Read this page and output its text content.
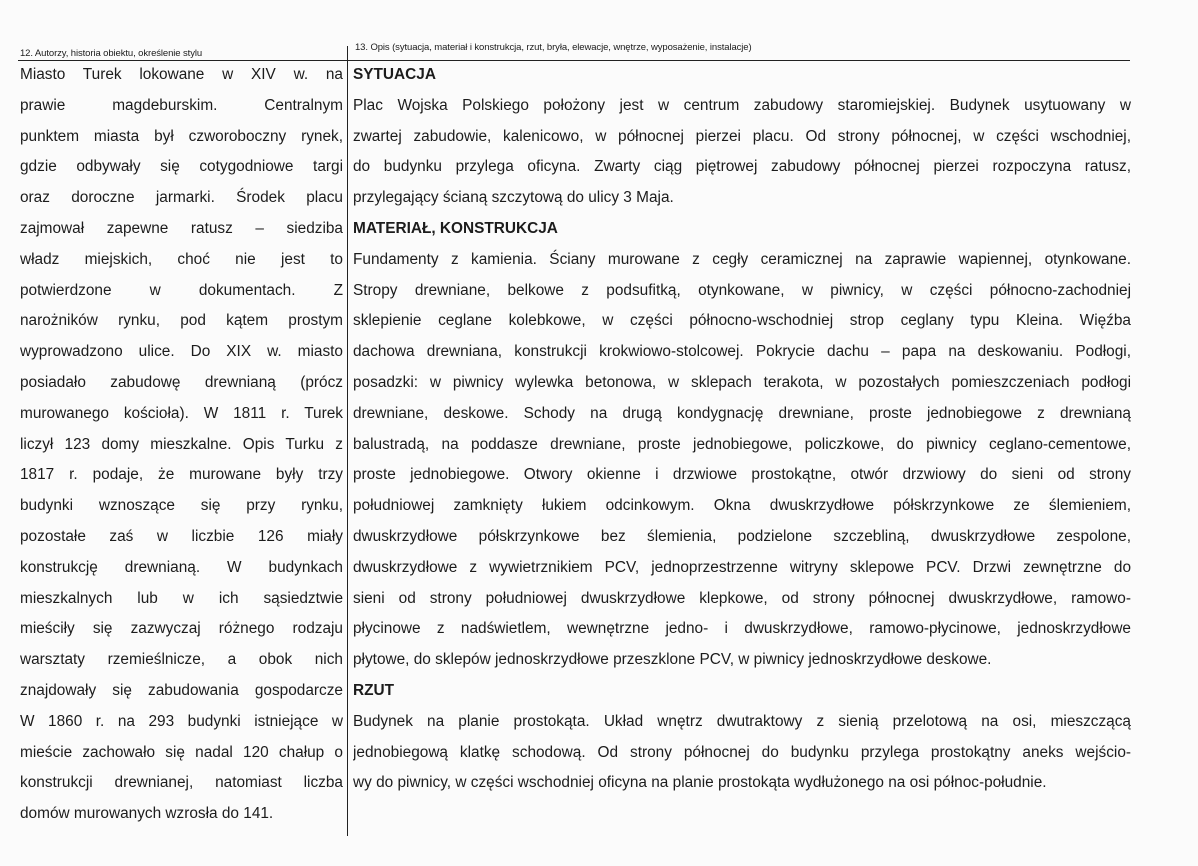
12. Autorzy, historia obiektu, określenie stylu
13. Opis (sytuacja, materiał i konstrukcja, rzut, bryła, elewacje, wnętrze, wyposażenie, instalacje)
Miasto Turek lokowane w XIV w. na
prawie magdeburskim. Centralnym
punktem miasta był czworoboczny rynek,
gdzie odbywały się cotygodniowe targi
oraz doroczne jarmarki. Środek placu
zajmował zapewne ratusz – siedziba
władz miejskich, choć nie jest to
potwierdzone w dokumentach. Z
narożników rynku, pod kątem prostym
wyprowadzono ulice. Do XIX w. miasto
posiadało zabudowę drewnianą (prócz
murowanego kościoła). W 1811 r. Turek
liczył 123 domy mieszkalne. Opis Turku z
1817 r. podaje, że murowane były trzy
budynki wznoszące się przy rynku,
pozostałe zaś w liczbie 126 miały
konstrukcję drewnianą. W budynkach
mieszkalnych lub w ich sąsiedztwie
mieściły się zazwyczaj różnego rodzaju
warsztaty rzemieślnicze, a obok nich
znajdowały się zabudowania gospodarcze
W 1860 r. na 293 budynki istniejące w
mieście zachowało się nadal 120 chałup o
konstrukcji drewnianej, natomiast liczba
domów murowanych wzrosła do 141.
SYTUACJA
Plac Wojska Polskiego położony jest w centrum zabudowy staromiejskiej. Budynek usytuowany w
zwartej zabudowie, kalenicowo, w północnej pierzei placu. Od strony północnej, w części wschodniej,
do budynku przylega oficyna. Zwarty ciąg piętrowej zabudowy północnej pierzei rozpoczyna ratusz,
przylegający ścianą szczytową do ulicy 3 Maja.
MATERIAŁ, KONSTRUKCJA
Fundamenty z kamienia. Ściany murowane z cegły ceramicznej na zaprawie wapiennej, otynkowane.
Stropy drewniane, belkowe z podsufitką, otynkowane, w piwnicy, w części północno-zachodniej
sklepienie ceglane kolebkowe, w części północno-wschodniej strop ceglany typu Kleina. Więźba
dachowa drewniana, konstrukcji krokwiowo-stolcowej. Pokrycie dachu – papa na deskowaniu. Podłogi,
posadzki: w piwnicy wylewka betonowa, w sklepach terakota, w pozostałych pomieszczeniach podłogi
drewniane, deskowe. Schody na drugą kondygnację drewniane, proste jednobiegowe z drewnianą
balustradą, na poddasze drewniane, proste jednobiegowe, policzkowe, do piwnicy ceglano-cementowe,
proste jednobiegowe. Otwory okienne i drzwiowe prostokątne, otwór drzwiowy do sieni od strony
południowej zamknięty łukiem odcinkowym. Okna dwuskrzydłowe półskrzynkowe ze ślemieniem,
dwuskrzydłowe półskrzynkowe bez ślemienia, podzielone szczebliną, dwuskrzydłowe zespolone,
dwuskrzydłowe z wywietrznikiem PCV, jednoprzestrzenne witryny sklepowe PCV. Drzwi zewnętrzne do
sieni od strony południowej dwuskrzydłowe klepkowe, od strony północnej dwuskrzydłowe, ramowo-
płycinowe z nadświetlem, wewnętrzne jedno- i dwuskrzydłowe, ramowo-płycinowe, jednoskrzydłowe
płytowe, do sklepów jednoskrzydłowe przeszklone PCV, w piwnicy jednoskrzydłowe deskowe.
RZUT
Budynek na planie prostokąta. Układ wnętrz dwutraktowy z sienią przelotową na osi, mieszczącą
jednobiegową klatkę schodową. Od strony północnej do budynku przylega prostokątny aneks wejścio-
wy do piwnicy, w części wschodniej oficyna na planie prostokąta wydłużonego na osi północ-południe.
